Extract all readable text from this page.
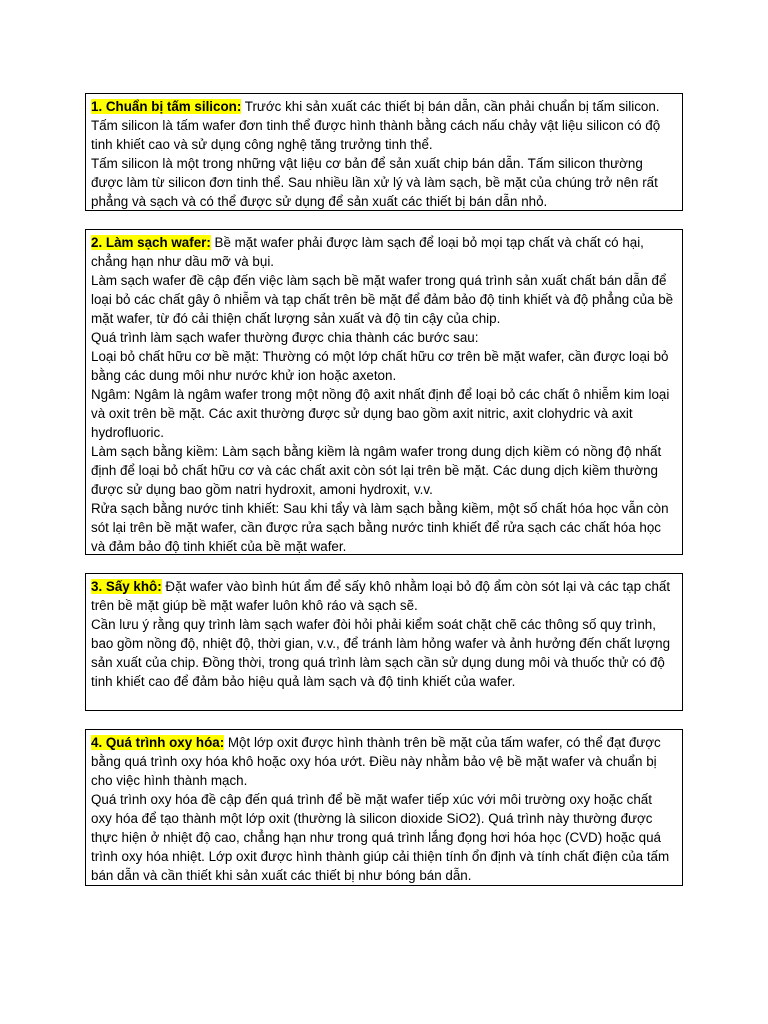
1. Chuẩn bị tấm silicon: Trước khi sản xuất các thiết bị bán dẫn, cần phải chuẩn bị tấm silicon. Tấm silicon là tấm wafer đơn tinh thể được hình thành bằng cách nấu chảy vật liệu silicon có độ tinh khiết cao và sử dụng công nghệ tăng trưởng tinh thể.

Tấm silicon là một trong những vật liệu cơ bản để sản xuất chip bán dẫn. Tấm silicon thường được làm từ silicon đơn tinh thể. Sau nhiều lần xử lý và làm sạch, bề mặt của chúng trở nên rất phẳng và sạch và có thể được sử dụng để sản xuất các thiết bị bán dẫn nhỏ.

2. Làm sạch wafer: Bề mặt wafer phải được làm sạch để loại bỏ mọi tạp chất và chất có hại, chẳng hạn như dầu mỡ và bụi.

Làm sạch wafer đề cập đến việc làm sạch bề mặt wafer trong quá trình sản xuất chất bán dẫn để loại bỏ các chất gây ô nhiễm và tạp chất trên bề mặt để đảm bảo độ tinh khiết và độ phẳng của bề mặt wafer, từ đó cải thiện chất lượng sản xuất và độ tin cậy của chip.

Quá trình làm sạch wafer thường được chia thành các bước sau:

Loại bỏ chất hữu cơ bề mặt: Thường có một lớp chất hữu cơ trên bề mặt wafer, cần được loại bỏ bằng các dung môi như nước khử ion hoặc axeton.

Ngâm: Ngâm là ngâm wafer trong một nồng độ axit nhất định để loại bỏ các chất ô nhiễm kim loại và oxit trên bề mặt. Các axit thường được sử dụng bao gồm axit nitric, axit clohydric và axit hydrofluoric.

Làm sạch bằng kiềm: Làm sạch bằng kiềm là ngâm wafer trong dung dịch kiềm có nồng độ nhất định để loại bỏ chất hữu cơ và các chất axit còn sót lại trên bề mặt. Các dung dịch kiềm thường được sử dụng bao gồm natri hydroxit, amoni hydroxit, v.v.

Rửa sạch bằng nước tinh khiết: Sau khi tẩy và làm sạch bằng kiềm, một số chất hóa học vẫn còn sót lại trên bề mặt wafer, cần được rửa sạch bằng nước tinh khiết để rửa sạch các chất hóa học và đảm bảo độ tinh khiết của bề mặt wafer.

3. Sấy khô: Đặt wafer vào bình hút ẩm để sấy khô nhằm loại bỏ độ ẩm còn sót lại và các tạp chất trên bề mặt giúp bề mặt wafer luôn khô ráo và sạch sẽ.

Cần lưu ý rằng quy trình làm sạch wafer đòi hỏi phải kiểm soát chặt chẽ các thông số quy trình, bao gồm nồng độ, nhiệt độ, thời gian, v.v., để tránh làm hỏng wafer và ảnh hưởng đến chất lượng sản xuất của chip. Đồng thời, trong quá trình làm sạch cần sử dụng dung môi và thuốc thử có độ tinh khiết cao để đảm bảo hiệu quả làm sạch và độ tinh khiết của wafer.

4. Quá trình oxy hóa: Một lớp oxit được hình thành trên bề mặt của tấm wafer, có thể đạt được bằng quá trình oxy hóa khô hoặc oxy hóa ướt. Điều này nhằm bảo vệ bề mặt wafer và chuẩn bị cho việc hình thành mạch.

Quá trình oxy hóa đề cập đến quá trình để bề mặt wafer tiếp xúc với môi trường oxy hoặc chất oxy hóa để tạo thành một lớp oxit (thường là silicon dioxide SiO2). Quá trình này thường được thực hiện ở nhiệt độ cao, chẳng hạn như trong quá trình lắng đọng hơi hóa học (CVD) hoặc quá trình oxy hóa nhiệt. Lớp oxit được hình thành giúp cải thiện tính ổn định và tính chất điện của tấm bán dẫn và cần thiết khi sản xuất các thiết bị như bóng bán dẫn.
